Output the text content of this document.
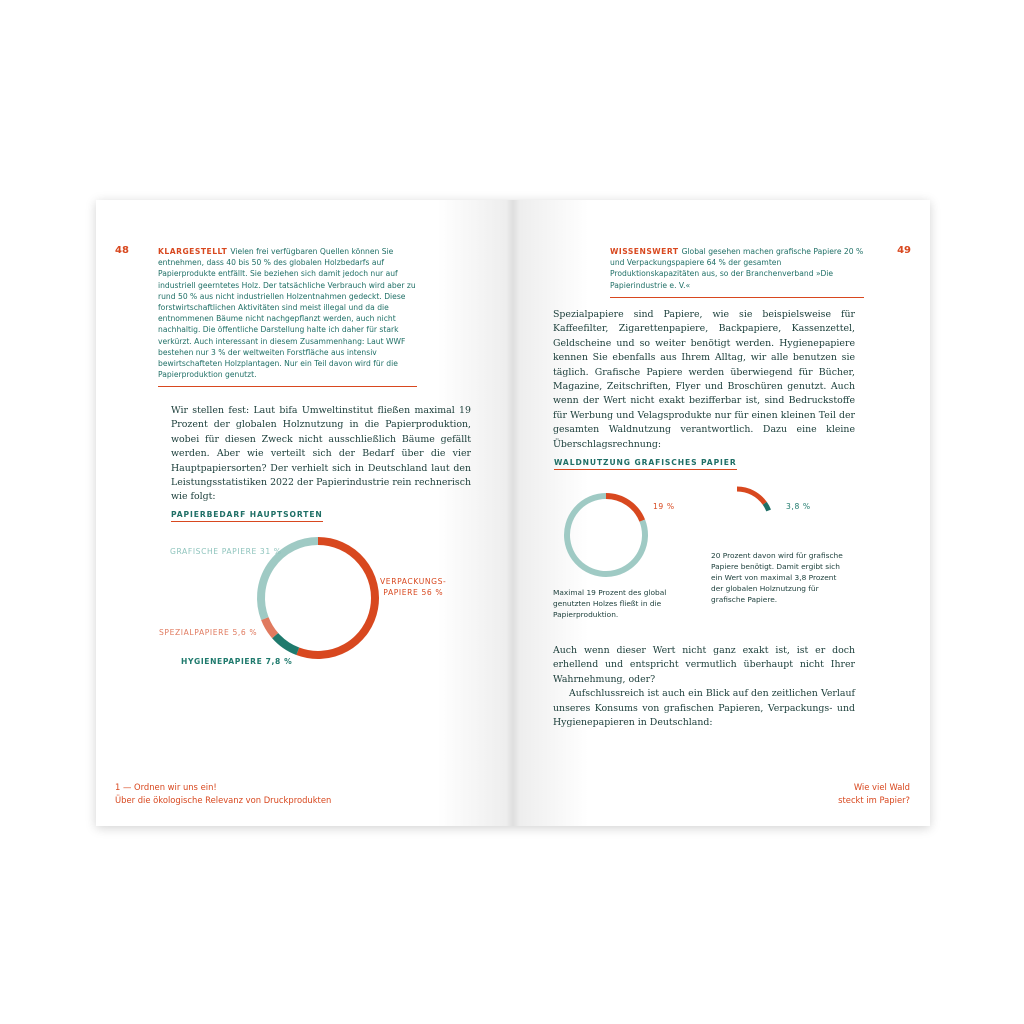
48	KLARGESTELLT Vielen frei verfügbaren Quellen können Sie entnehmen, dass 40 bis 50 % des globalen Holzbedarfs auf Papierprodukte entfällt. Sie beziehen sich damit jedoch nur auf industriell geerntetes Holz. Der tatsächliche Verbrauch wird aber zu rund 50 % aus nicht industriellen Holzentnahmen gedeckt. Diese forstwirtschaftlichen Aktivitäten sind meist illegal und da die entnommenen Bäume nicht nachgepflanzt werden, auch nicht nachhaltig. Die öffentliche Darstellung halte ich daher für stark verkürzt. Auch interessant in diesem Zusammenhang: Laut WWF bestehen nur 3 % der weltweiten Forstfläche aus intensiv bewirtschafteten Holzplantagen. Nur ein Teil davon wird für die Papierproduktion genutzt.
Wir stellen fest: Laut bifa Umweltinstitut fließen maximal 19 Prozent der globalen Holznutzung in die Papierproduktion, wobei für diesen Zweck nicht ausschließlich Bäume gefällt werden. Aber wie verteilt sich der Bedarf über die vier Hauptpapiersorten? Der verhielt sich in Deutschland laut den Leistungsstatistiken 2022 der Papierindustrie rein rechnerisch wie folgt:
PAPIERBEDARF HAUPTSORTEN
GRAFISCHE PAPIERE 31 %
VERPACKUNGS-
PAPIERE 56 %
SPEZIALPAPIERE 5,6 %
HYGIENEPAPIERE 7,8 %
1 — Ordnen wir uns ein!
Über die ökologische Relevanz von Druckprodukten
49
WISSENSWERT Global gesehen machen grafische Papiere 20 % und Verpackungspapiere 64 % der gesamten Produktionskapazitäten aus, so der Branchenverband »Die Papierindustrie e. V.«
Spezialpapiere sind Papiere, wie sie beispielsweise für Kaffeefilter, Zigarettenpapiere, Backpapiere, Kassenzettel, Geldscheine und so weiter benötigt werden. Hygienepapiere kennen Sie ebenfalls aus Ihrem Alltag, wir alle benutzen sie täglich. Grafische Papiere werden überwiegend für Bücher, Magazine, Zeitschriften, Flyer und Broschüren genutzt. Auch wenn der Wert nicht exakt bezifferbar ist, sind Bedruckstoffe für Werbung und Velagsprodukte nur für einen kleinen Teil der gesamten Waldnutzung verantwortlich. Dazu eine kleine Überschlagsrechnung:
WALDNUTZUNG GRAFISCHES PAPIER
19 %	3,8 %
Maximal 19 Prozent des global genutzten Holzes fließt in die Papierproduktion.
20 Prozent davon wird für grafische Papiere benötigt. Damit ergibt sich ein Wert von maximal 3,8 Prozent der globalen Holznutzung für grafische Papiere.

Auch wenn dieser Wert nicht ganz exakt ist, ist er doch erhellend und entspricht vermutlich überhaupt nicht Ihrer Wahrnehmung, oder?

Aufschlussreich ist auch ein Blick auf den zeitlichen Verlauf unseres Konsums von grafischen Papieren, Verpackungs- und Hygienepapieren in Deutschland:

Wie viel Wald
steckt im Papier?
